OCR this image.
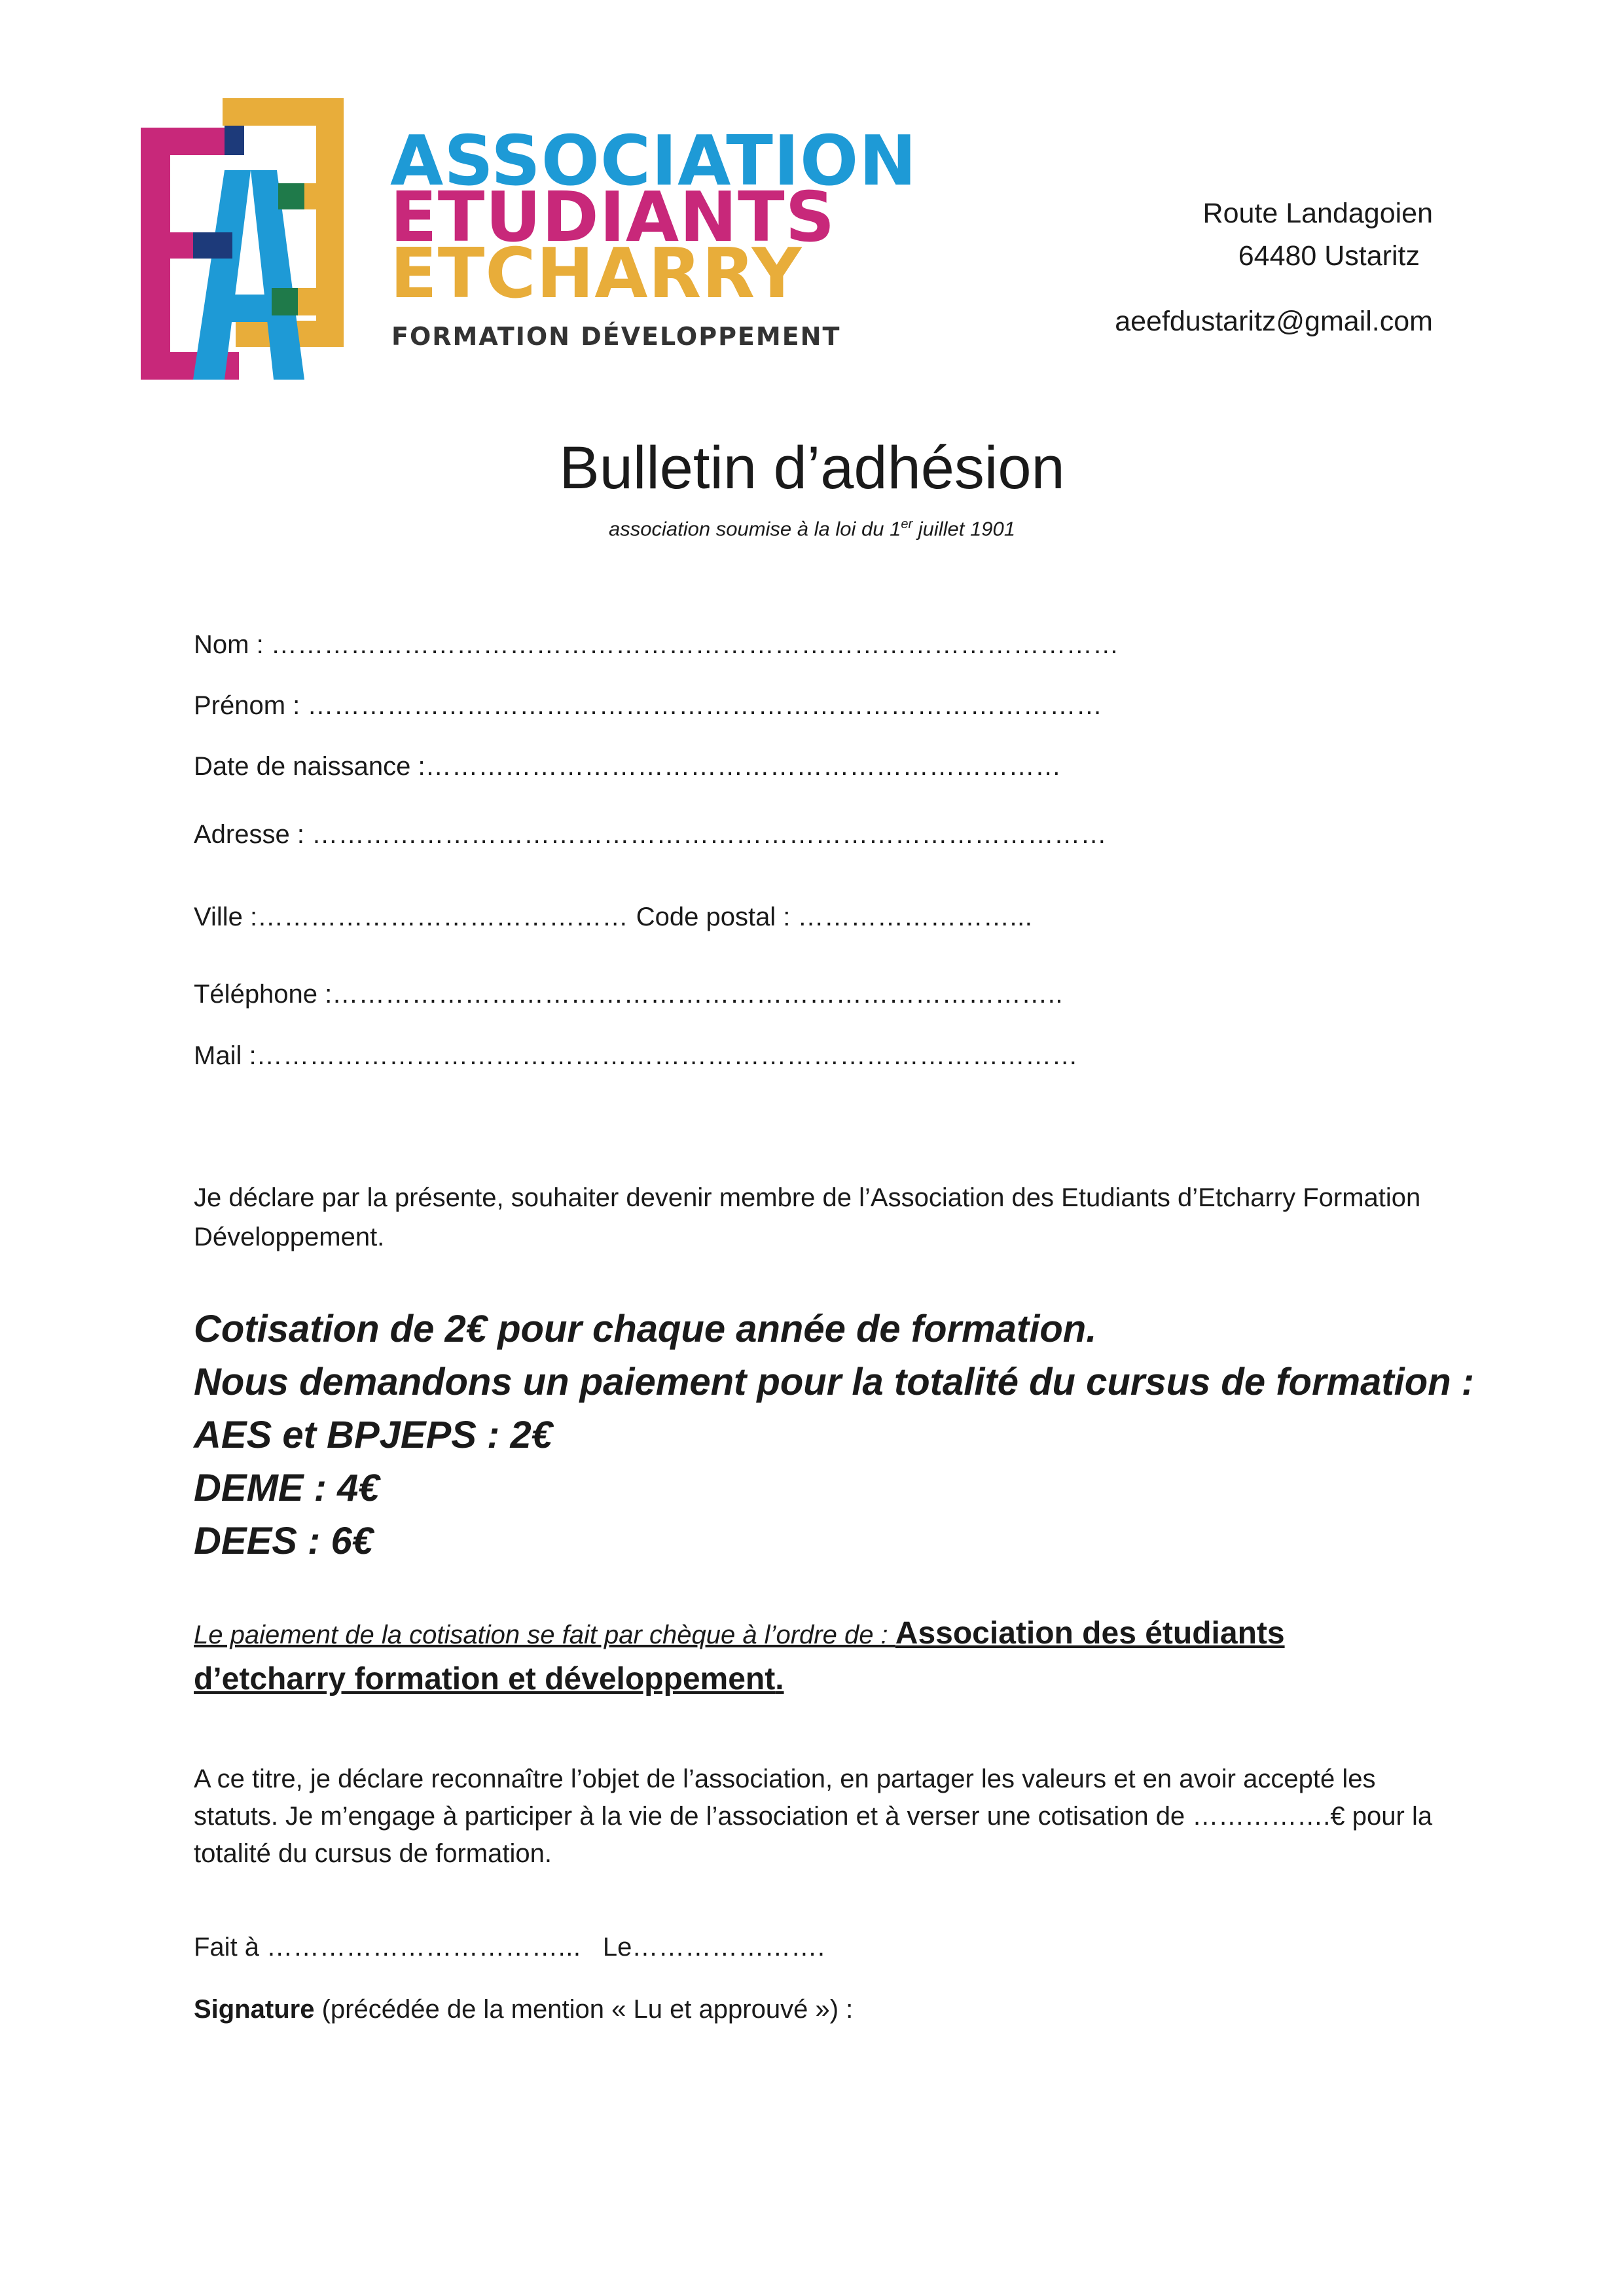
ASSOCIATION
ETUDIANTS
ETCHARRY
FORMATION DÉVELOPPEMENT
Route Landagoien
64480 Ustaritz
aeefdustaritz@gmail.com
Bulletin d’adhésion
association soumise à la loi du 1er juillet 1901
Nom : ……………………………………………………………………………………
Prénom : ………………………………………………………………………………
Date de naissance :………………………………………………………………
Adresse : ………………………………………………………………………………
Ville :…………………………………… Code postal : ……………………...
Téléphone :………………………………………………………………………..
Mail :…………………………………………………………………………………

Je déclare par la présente, souhaiter devenir membre de l’Association des Etudiants d’Etcharry Formation Développement.

Cotisation de 2€ pour chaque année de formation.
Nous demandons un paiement pour la totalité du cursus de formation :
AES et BPJEPS : 2€
DEME : 4€
DEES : 6€

Le paiement de la cotisation se fait par chèque à l’ordre de : Association des étudiants d’etcharry formation et développement.

A ce titre, je déclare reconnaître l’objet de l’association, en partager les valeurs et en avoir accepté les statuts. Je m’engage à participer à la vie de l’association et à verser une cotisation de …………….€ pour la totalité du cursus de formation.

Fait à ……………………………...   Le………………….
Signature (précédée de la mention « Lu et approuvé ») :
